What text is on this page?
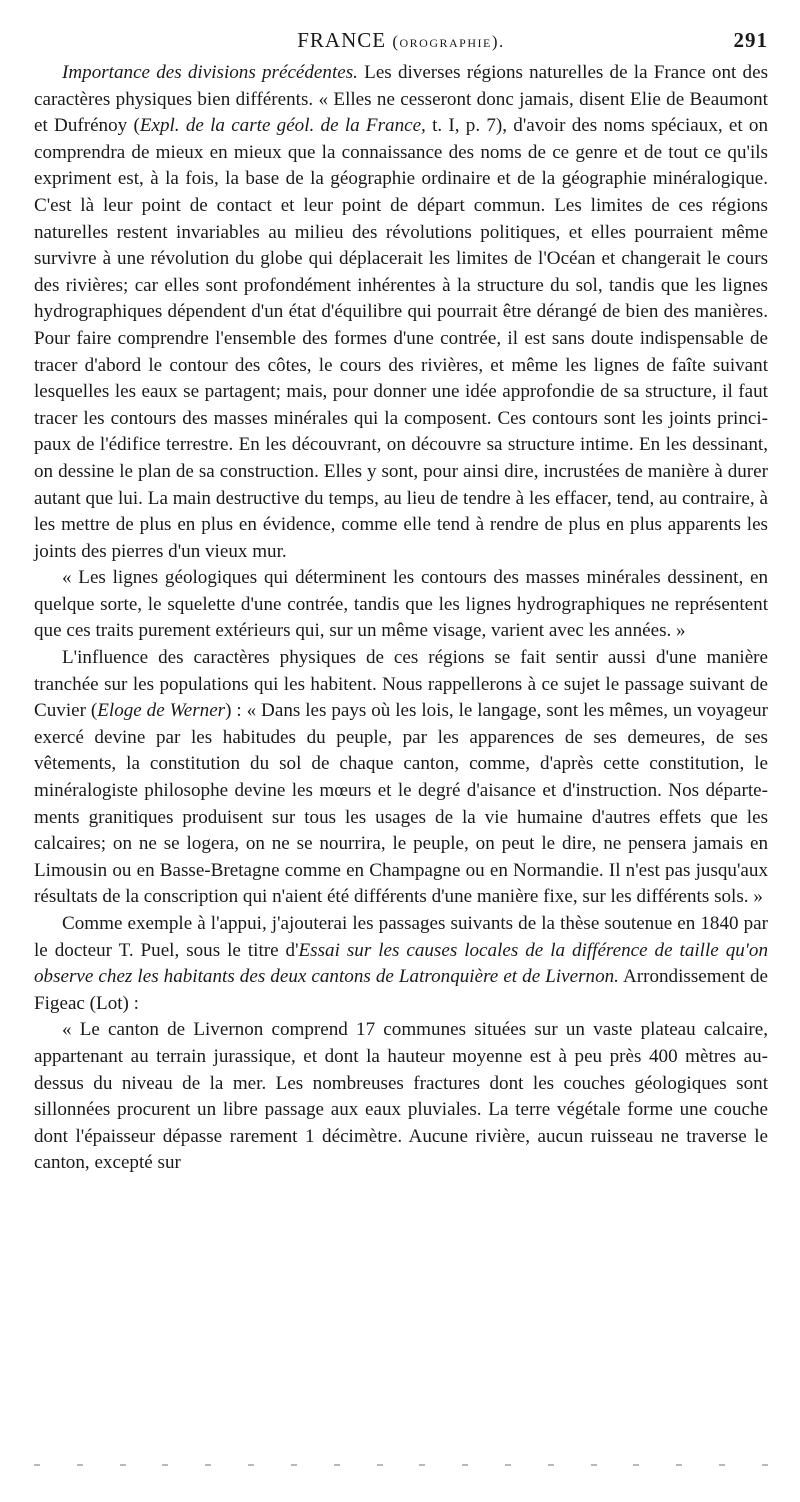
FRANCE (orographie).	291

Importance des divisions précédentes. Les diverses régions naturelles de la France ont des caractères physiques bien différents. « Elles ne cesseront donc jamais, disent Elie de Beaumont et Dufrénoy (Expl. de la carte géol. de la France, t. I, p. 7), d'avoir des noms spéciaux, et on comprendra de mieux en mieux que la connaissance des noms de ce genre et de tout ce qu'ils expriment est, à la fois, la base de la géographie ordinaire et de la géographie minéralogique. C'est là leur point de contact et leur point de départ commun. Les limites de ces régions naturelles restent invariables au milieu des révolutions politiques, et elles pourraient même survivre à une révolution du globe qui déplacerait les limites de l'Océan et changerait le cours des rivières; car elles sont profondément inhérentes à la structure du sol, tandis que les lignes hydrographiques dépendent d'un état d'équilibre qui pourrait être dérangé de bien des manières. Pour faire comprendre l'ensemble des formes d'une contrée, il est sans doute indispensable de tracer d'abord le contour des côtes, le cours des rivières, et même les lignes de faîte suivant lesquelles les eaux se partagent; mais, pour donner une idée approfondie de sa structure, il faut tracer les contours des masses minérales qui la composent. Ces contours sont les joints principaux de l'édifice terrestre. En les découvrant, on découvre sa structure intime. En les dessinant, on dessine le plan de sa construction. Elles y sont, pour ainsi dire, incrustées de manière à durer autant que lui. La main destructive du temps, au lieu de tendre à les effacer, tend, au contraire, à les mettre de plus en plus en évidence, comme elle tend à rendre de plus en plus apparents les joints des pierres d'un vieux mur.

« Les lignes géologiques qui déterminent les contours des masses minérales dessinent, en quelque sorte, le squelette d'une contrée, tandis que les lignes hydrographiques ne représentent que ces traits purement extérieurs qui, sur un même visage, varient avec les années. »

L'influence des caractères physiques de ces régions se fait sentir aussi d'une manière tranchée sur les populations qui les habitent. Nous rappellerons à ce sujet le passage suivant de Cuvier (Eloge de Werner) : « Dans les pays où les lois, le langage, sont les mêmes, un voyageur exercé devine par les habitudes du peuple, par les apparences de ses demeures, de ses vêtements, la constitution du sol de chaque canton, comme, d'après cette constitution, le minéralogiste philosophe devine les mœurs et le degré d'aisance et d'instruction. Nos départements granitiques produisent sur tous les usages de la vie humaine d'autres effets que les calcaires; on ne se logera, on ne se nourrira, le peuple, on peut le dire, ne pensera jamais en Limousin ou en Basse-Bretagne comme en Champagne ou en Normandie. Il n'est pas jusqu'aux résultats de la conscription qui n'aient été différents d'une manière fixe, sur les différents sols. »

Comme exemple à l'appui, j'ajouterai les passages suivants de la thèse soutenue en 1840 par le docteur T. Puel, sous le titre d'Essai sur les causes locales de la différence de taille qu'on observe chez les habitants des deux cantons de Latronquière et de Livernon. Arrondissement de Figeac (Lot) :

« Le canton de Livernon comprend 17 communes situées sur un vaste plateau calcaire, appartenant au terrain jurassique, et dont la hauteur moyenne est à peu près 400 mètres au-dessus du niveau de la mer. Les nombreuses fractures dont les couches géologiques sont sillonnées procurent un libre passage aux eaux pluviales. La terre végétale forme une couche dont l'épaisseur dépasse rarement 1 décimètre. Aucune rivière, aucun ruisseau ne traverse le canton, excepté sur
